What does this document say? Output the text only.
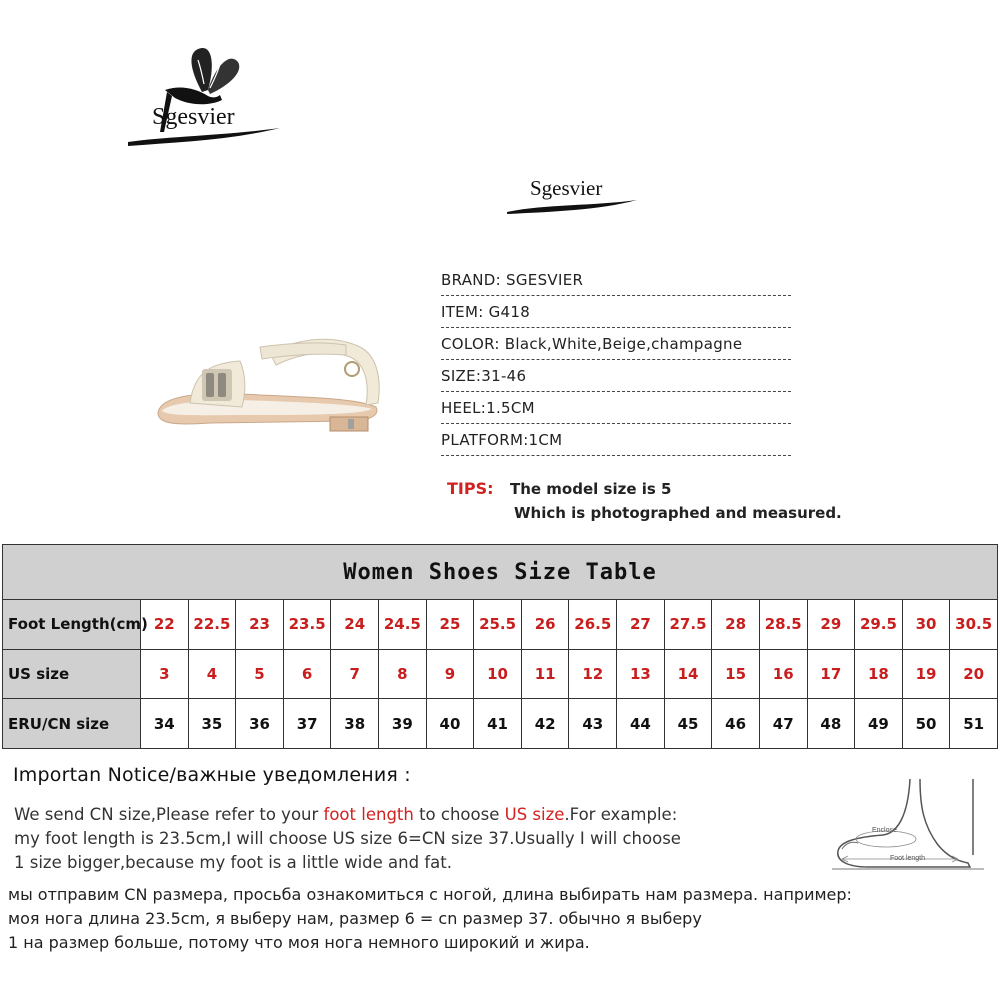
Sgesvier
Sgesvier
BRAND: SGESVIER
ITEM: G418
COLOR: Black,White,Beige,champagne
SIZE:31-46
HEEL:1.5CM
PLATFORM:1CM
TIPS: The model size is 5
Which is photographed and measured.
Women Shoes Size Table																		
Foot Length(cm)	22	22.5	23	23.5	24	24.5	25	25.5	26	26.5	27	27.5	28	28.5	29	29.5	30	30.5
US size	3	4	5	6	7	8	9	10	11	12	13	14	15	16	17	18	19	20
ERU/CN size	34	35	36	37	38	39	40	41	42	43	44	45	46	47	48	49	50	51
Importan Notice/важные уведомления :
We send CN size,Please refer to your foot length to choose US size.For example:
my foot length is 23.5cm,I will choose US size 6=CN size 37.Usually I will choose
1 size bigger,because my foot is a little wide and fat.
мы отправим CN размера, просьба ознакомиться с ногой, длина выбирать нам размера. например:
моя нога длина 23.5cm, я выберу нам, размер 6 = cn размер 37. обычно я выберу
1 на размер больше, потому что моя нога немного широкий и жира.
Enclose
Foot length
